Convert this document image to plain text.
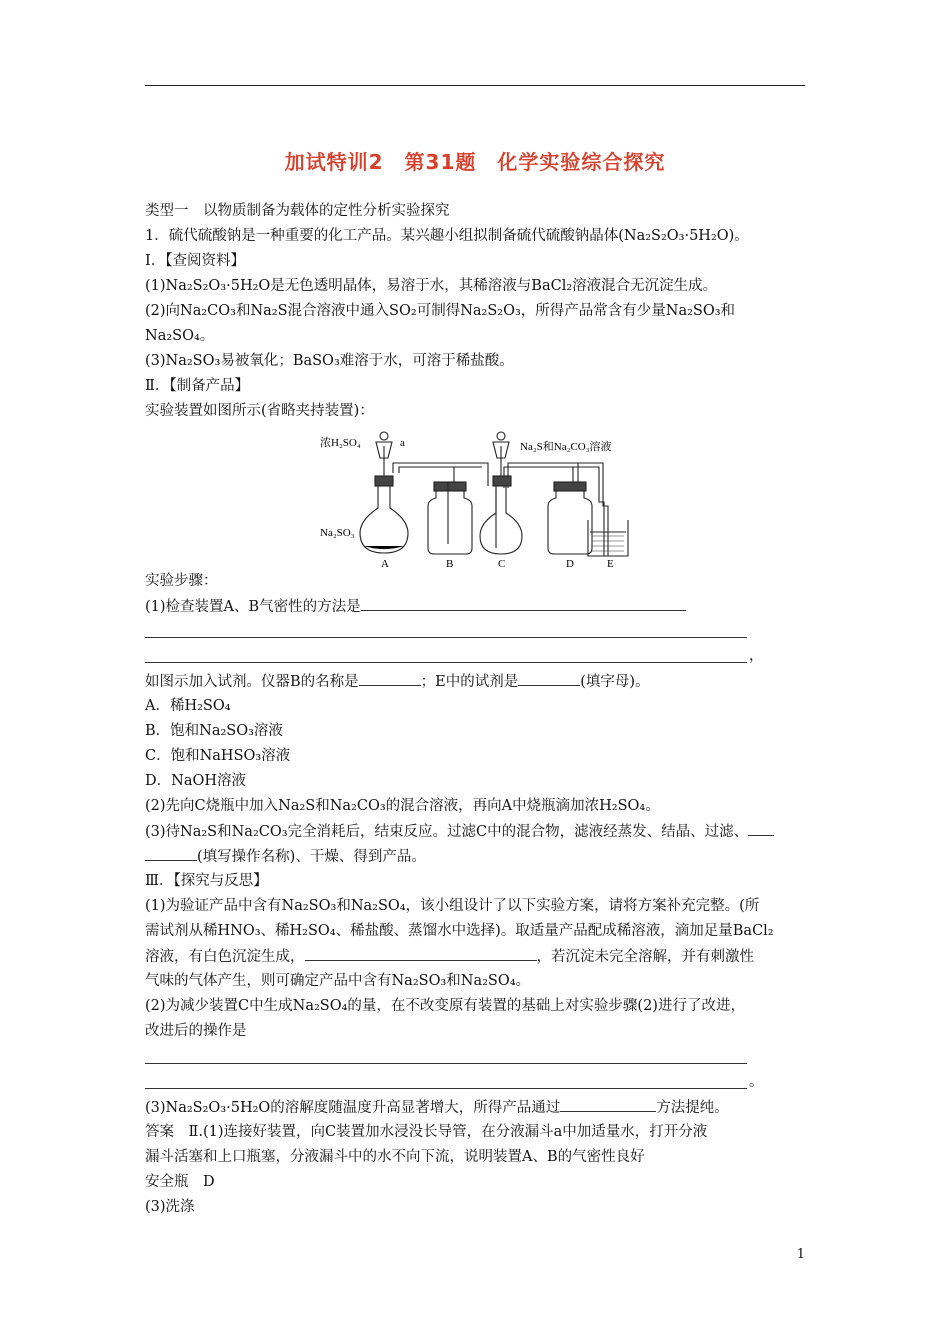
加试特训2　第31题　化学实验综合探究
类型一　以物质制备为载体的定性分析实验探究
1．硫代硫酸钠是一种重要的化工产品。某兴趣小组拟制备硫代硫酸钠晶体(Na₂S₂O₃·5H₂O)。
Ⅰ．【查阅资料】
(1)Na₂S₂O₃·5H₂O是无色透明晶体，易溶于水，其稀溶液与BaCl₂溶液混合无沉淀生成。
(2)向Na₂CO₃和Na₂S混合溶液中通入SO₂可制得Na₂S₂O₃，所得产品常含有少量Na₂SO₃和
Na₂SO₄。
(3)Na₂SO₃易被氧化；BaSO₃难溶于水，可溶于稀盐酸。
Ⅱ．【制备产品】
实验装置如图所示(省略夹持装置)：
浓H₂SO₄	a	Na₂S和Na₂CO₃溶液
Na₂SO₃
A	B	C	D	E
实验步骤：
(1)检查装置A、B气密性的方法是
，
如图示加入试剂。仪器B的名称是	；E中的试剂是	(填字母)。
A．稀H₂SO₄
B．饱和Na₂SO₃溶液
C．饱和NaHSO₃溶液
D．NaOH溶液
(2)先向C烧瓶中加入Na₂S和Na₂CO₃的混合溶液，再向A中烧瓶滴加浓H₂SO₄。
(3)待Na₂S和Na₂CO₃完全消耗后，结束反应。过滤C中的混合物，滤液经蒸发、结晶、过滤、
(填写操作名称)、干燥、得到产品。
Ⅲ．【探究与反思】
(1)为验证产品中含有Na₂SO₃和Na₂SO₄，该小组设计了以下实验方案，请将方案补充完整。(所
需试剂从稀HNO₃、稀H₂SO₄、稀盐酸、蒸馏水中选择)。取适量产品配成稀溶液，滴加足量BaCl₂
溶液，有白色沉淀生成，	，若沉淀未完全溶解，并有刺激性
气味的气体产生，则可确定产品中含有Na₂SO₃和Na₂SO₄。
(2)为减少装置C中生成Na₂SO₄的量，在不改变原有装置的基础上对实验步骤(2)进行了改进，
改进后的操作是
。
(3)Na₂S₂O₃·5H₂O的溶解度随温度升高显著增大，所得产品通过	方法提纯。
答案　Ⅱ.(1)连接好装置，向C装置加水浸没长导管，在分液漏斗a中加适量水，打开分液
漏斗活塞和上口瓶塞，分液漏斗中的水不向下流，说明装置A、B的气密性良好
安全瓶　D
(3)洗涤
1
